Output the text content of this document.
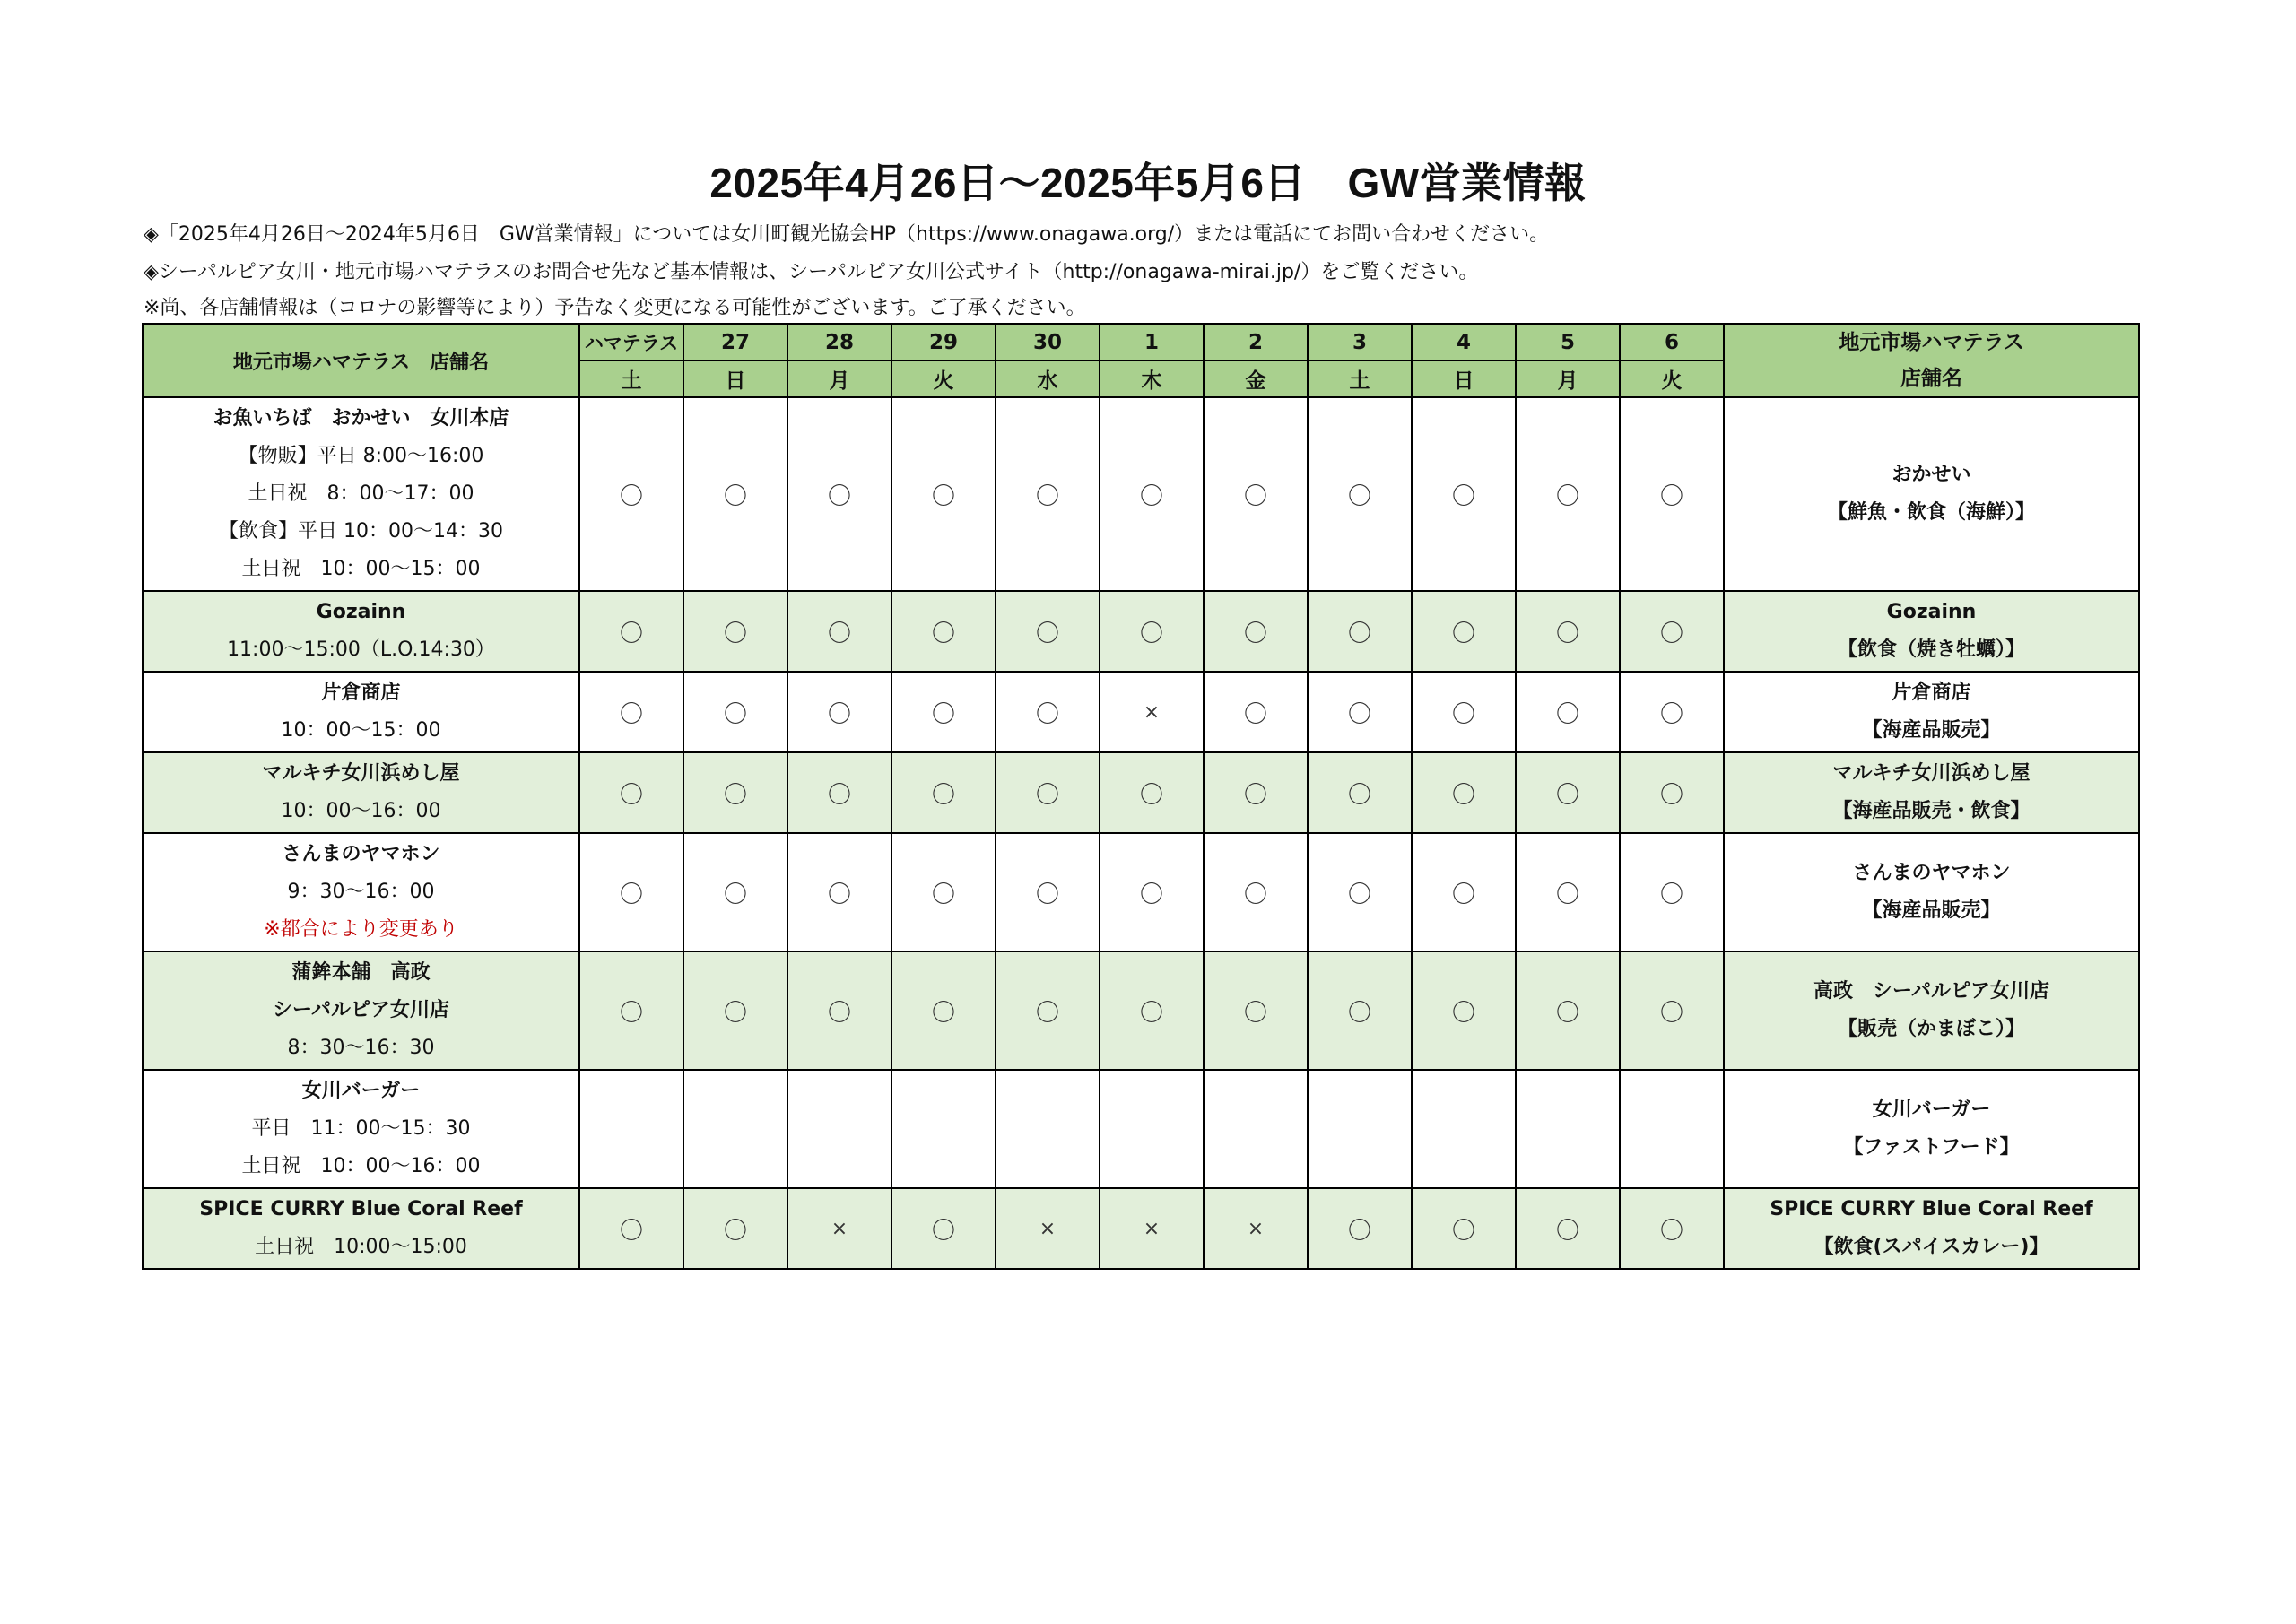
2025年4月26日～2025年5月6日　GW営業情報
◈「2025年4月26日～2024年5月6日　GW営業情報」については女川町観光協会HP（https://www.onagawa.org/）または電話にてお問い合わせください。
◈シーパルピア女川・地元市場ハマテラスのお問合せ先など基本情報は、シーパルピア女川公式サイト（http://onagawa-mirai.jp/）をご覧ください。
※尚、各店舗情報は（コロナの影響等により）予告なく変更になる可能性がございます。ご了承ください。
地元市場ハマテラス　店舗名	ハマテラス	27	28	29	30	1	2	3	4	5	6	地元市場ハマテラス
店舗名

	土	日	月	火	水	木	金	土	日	月	火	

お魚いちば　おかせい　女川本店
【物販】平日 8:00～16:00
土日祝　8：00～17：00
【飲食】平日 10：00～14：30
土日祝　10：00～15：00	〇	〇	〇	〇	〇	〇	〇	〇	〇	〇	〇	おかせい
【鮮魚・飲食（海鮮）】

Gozainn
11:00～15:00（L.O.14:30）	〇	〇	〇	〇	〇	〇	〇	〇	〇	〇	〇	Gozainn
【飲食（焼き牡蠣）】

片倉商店
10：00～15：00	〇	〇	〇	〇	〇	×	〇	〇	〇	〇	〇	片倉商店
【海産品販売】

マルキチ女川浜めし屋
10：00～16：00	〇	〇	〇	〇	〇	〇	〇	〇	〇	〇	〇	マルキチ女川浜めし屋
【海産品販売・飲食】

さんまのヤマホン
9：30～16：00
※都合により変更あり	〇	〇	〇	〇	〇	〇	〇	〇	〇	〇	〇	さんまのヤマホン
【海産品販売】

蒲鉾本舗　高政
シーパルピア女川店
8：30～16：30	〇	〇	〇	〇	〇	〇	〇	〇	〇	〇	〇	高政　シーパルピア女川店
【販売（かまぼこ）】

女川バーガー
平日　11：00～15：30
土日祝　10：00～16：00												女川バーガー
【ファストフード】

SPICE CURRY Blue Coral Reef
土日祝　10:00～15:00	〇	〇	×	〇	×	×	×	〇	〇	〇	〇	SPICE CURRY Blue Coral Reef
【飲食(スパイスカレー)】
